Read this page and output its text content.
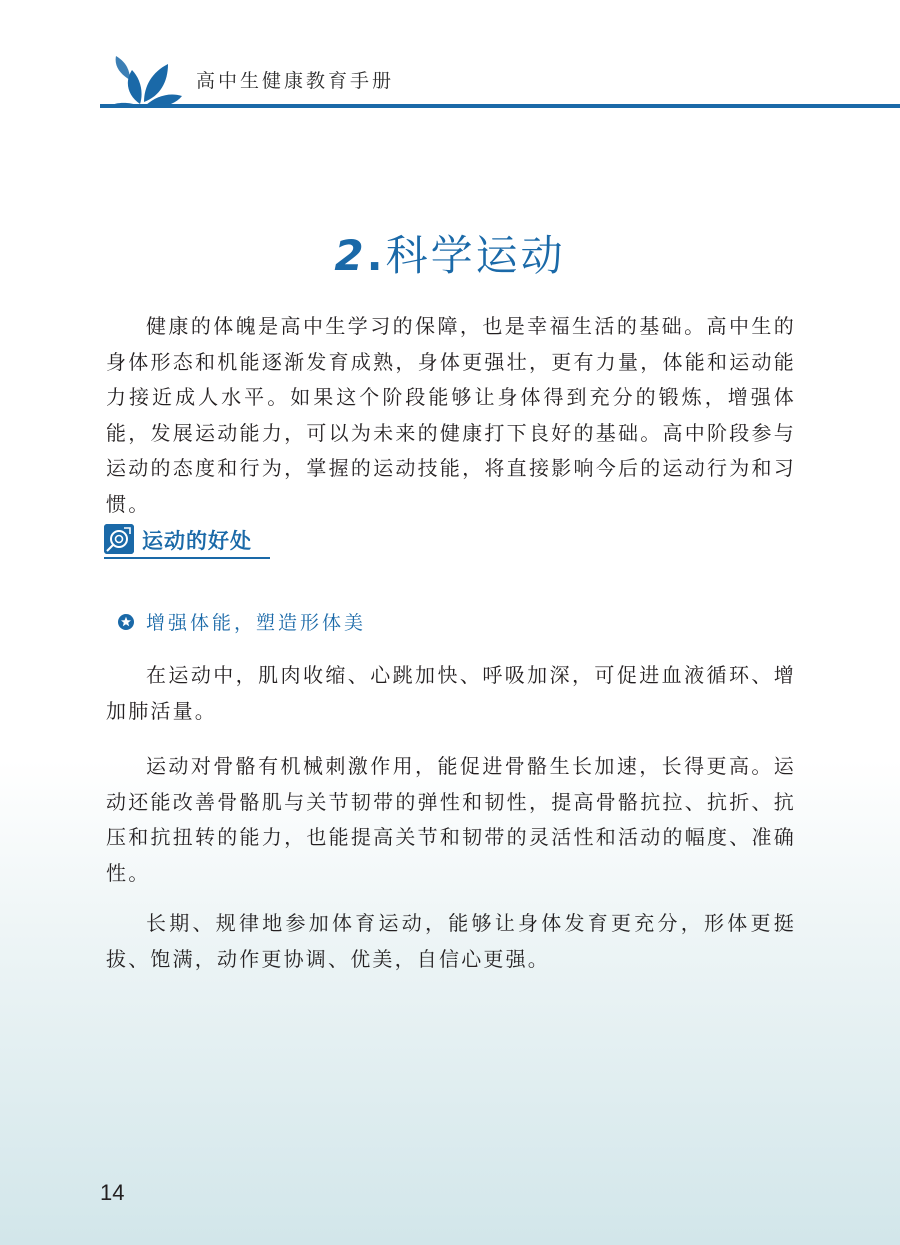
高中生健康教育手册
2.科学运动

健康的体魄是高中生学习的保障，也是幸福生活的基础。高中生的身体形态和机能逐渐发育成熟，身体更强壮，更有力量，体能和运动能力接近成人水平。如果这个阶段能够让身体得到充分的锻炼，增强体能，发展运动能力，可以为未来的健康打下良好的基础。高中阶段参与运动的态度和行为，掌握的运动技能，将直接影响今后的运动行为和习惯。

运动的好处
增强体能，塑造形体美

在运动中，肌肉收缩、心跳加快、呼吸加深，可促进血液循环、增加肺活量。

运动对骨骼有机械刺激作用，能促进骨骼生长加速，长得更高。运动还能改善骨骼肌与关节韧带的弹性和韧性，提高骨骼抗拉、抗折、抗压和抗扭转的能力，也能提高关节和韧带的灵活性和活动的幅度、准确性。

长期、规律地参加体育运动，能够让身体发育更充分，形体更挺拔、饱满，动作更协调、优美，自信心更强。

14
